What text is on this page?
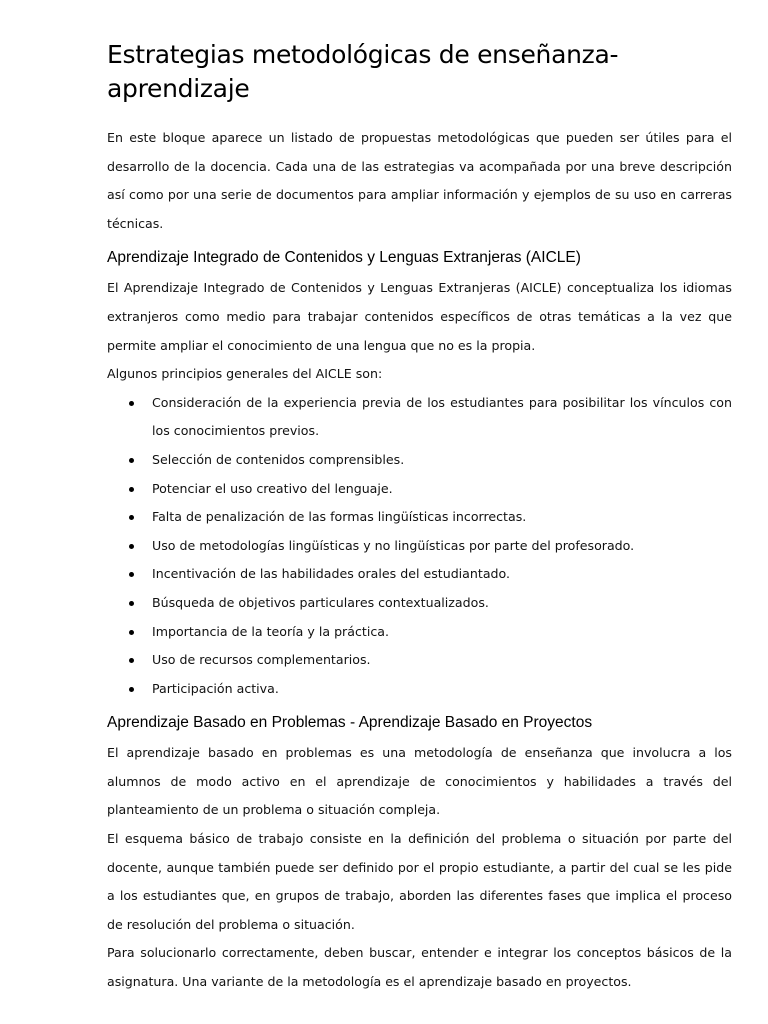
Estrategias metodológicas de enseñanza-aprendizaje

En este bloque aparece un listado de propuestas metodológicas que pueden ser útiles para el desarrollo de la docencia. Cada una de las estrategias va acompañada por una breve descripción así como por una serie de documentos para ampliar información y ejemplos de su uso en carreras técnicas.

Aprendizaje Integrado de Contenidos y Lenguas Extranjeras (AICLE)

El Aprendizaje Integrado de Contenidos y Lenguas Extranjeras (AICLE) conceptualiza los idiomas extranjeros como medio para trabajar contenidos específicos de otras temáticas a la vez que permite ampliar el conocimiento de una lengua que no es la propia.

Algunos principios generales del AICLE son:

Consideración de la experiencia previa de los estudiantes para posibilitar los vínculos con los conocimientos previos.
Selección de contenidos comprensibles.
Potenciar el uso creativo del lenguaje.
Falta de penalización de las formas lingüísticas incorrectas.
Uso de metodologías lingüísticas y no lingüísticas por parte del profesorado.
Incentivación de las habilidades orales del estudiantado.
Búsqueda de objetivos particulares contextualizados.
Importancia de la teoría y la práctica.
Uso de recursos complementarios.
Participación activa.
Aprendizaje Basado en Problemas - Aprendizaje Basado en Proyectos

El aprendizaje basado en problemas es una metodología de enseñanza que involucra a los alumnos de modo activo en el aprendizaje de conocimientos y habilidades a través del planteamiento de un problema o situación compleja.

El esquema básico de trabajo consiste en la definición del problema o situación por parte del docente, aunque también puede ser definido por el propio estudiante, a partir del cual se les pide a los estudiantes que, en grupos de trabajo, aborden las diferentes fases que implica el proceso de resolución del problema o situación.

Para solucionarlo correctamente, deben buscar, entender e integrar los conceptos básicos de la asignatura. Una variante de la metodología es el aprendizaje basado en proyectos.
